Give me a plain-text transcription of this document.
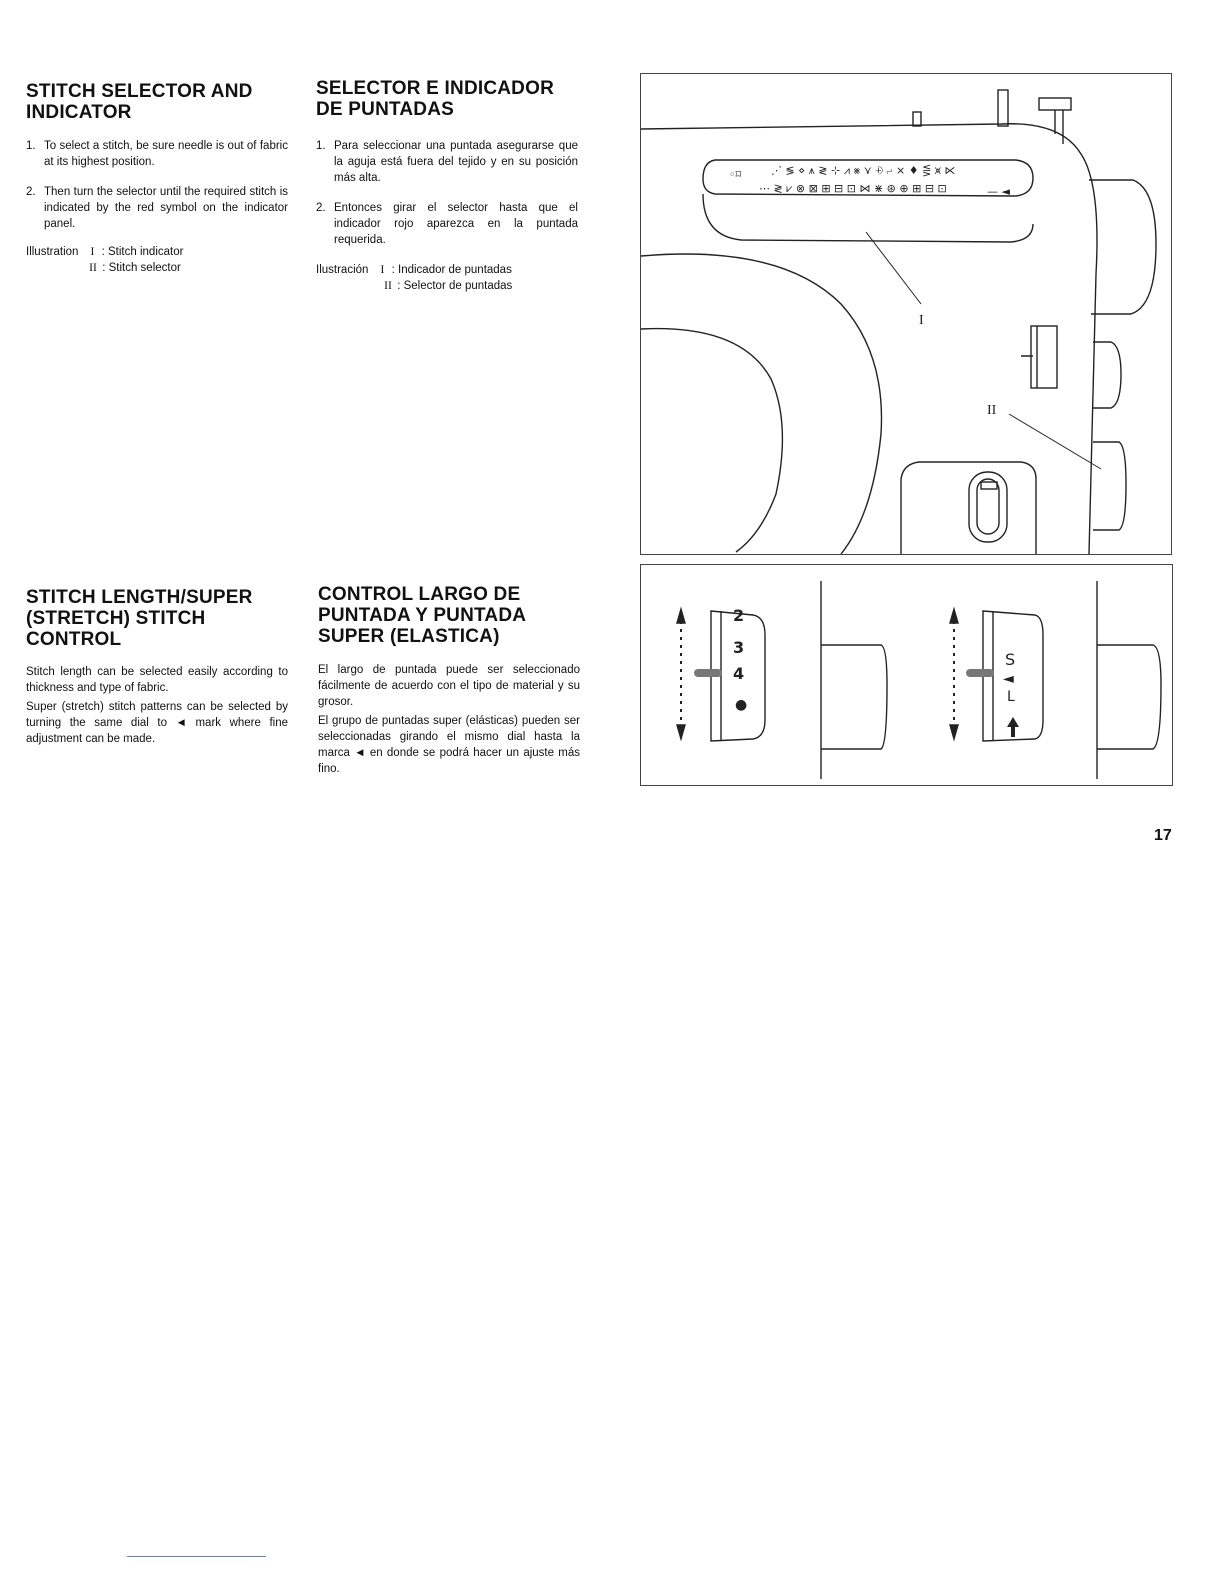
STITCH SELECTOR AND
INDICATOR
1. To select a stitch, be sure needle is out of fabric at its highest position.
2. Then turn the selector until the required stitch is indicated by the red symbol on the indicator panel.
Illustration	I : Stitch indicator
II : Stitch selector
SELECTOR E INDICADOR
DE PUNTADAS
1. Para seleccionar una puntada asegurarse que la aguja está fuera del tejido y en su posición más alta.
2. Entonces girar el selector hasta que el indicador rojo aparezca en la puntada requerida.
Ilustración	I : Indicador de puntadas
II : Selector de puntadas
STITCH LENGTH/SUPER
(STRETCH) STITCH
CONTROL

Stitch length can be selected easily according to thickness and type of fabric.

Super (stretch) stitch patterns can be selected by turning the same dial to ◄ mark where fine adjustment can be made.

CONTROL LARGO DE
PUNTADA Y PUNTADA
SUPER (ELASTICA)

El largo de puntada puede ser seleccionado fácilmente de acuerdo con el tipo de material y su grosor.

El grupo de puntadas super (elásticas) pueden ser seleccionadas girando el mismo dial hasta la marca ◄ en donde se podrá hacer un ajuste más fino.

◦⌑	⋰ ≶ ⋄ ⩚ ≷ ⊹ ⩘ ⨳ ⋎ ⨮ ⨬ ⨯ ♦ ⋚ ⩙ ⋉
⋯ ≷ ⩗ ⊗ ⊠ ⊞ ⊟ ⊡ ⋈ ⋇ ⊛ ⊕ ⊞ ⊟ ⊡	— ◄
I
II
2
3
4
●
S
◄
L
17
